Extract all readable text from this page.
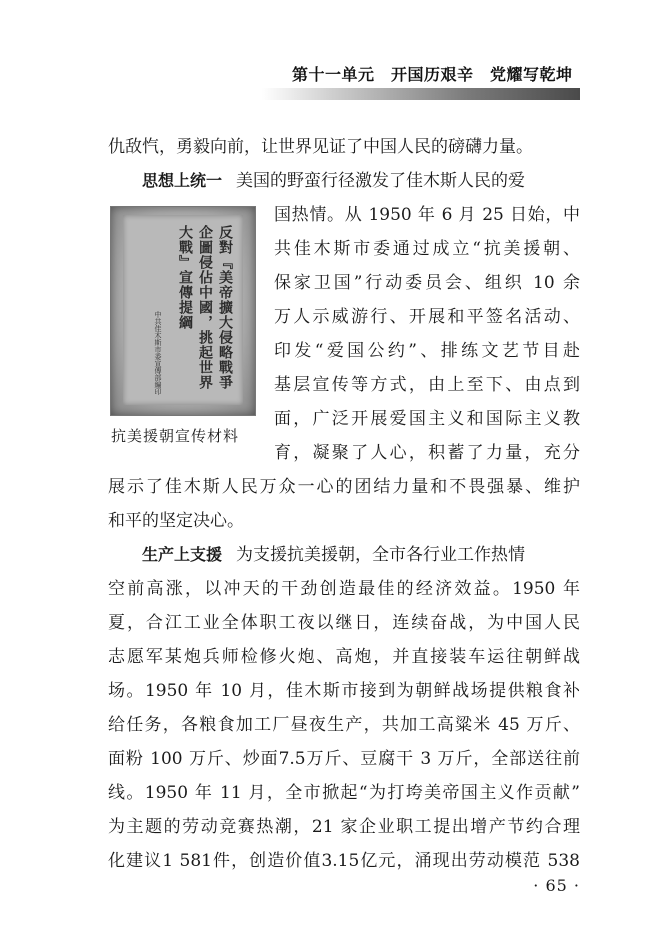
第十一单元　开国历艰辛　党耀写乾坤
仇敌忾，勇毅向前，让世界见证了中国人民的磅礴力量。
思想上统一 美国的野蛮行径激发了佳木斯人民的爱
国热情。从 1950 年 6 月 25 日始，中
共佳木斯市委通过成立“抗美援朝、
保家卫国”行动委员会、组织 10 余
万人示威游行、开展和平签名活动、
印发“爱国公约”、排练文艺节目赴
基层宣传等方式，由上至下、由点到
面，广泛开展爱国主义和国际主义教
育，凝聚了人心，积蓄了力量，充分
展示了佳木斯人民万众一心的团结力量和不畏强暴、维护
和平的坚定决心。
反對『美帝擴大侵略戰爭
企圖侵佔中國，挑起世界
大戰』宣傳提綱
中共佳木斯市委宣傳部編印
抗美援朝宣传材料
生产上支援 为支援抗美援朝，全市各行业工作热情
空前高涨，以冲天的干劲创造最佳的经济效益。1950 年
夏，合江工业全体职工夜以继日，连续奋战，为中国人民
志愿军某炮兵师检修火炮、高炮，并直接装车运往朝鲜战
场。1950 年 10 月，佳木斯市接到为朝鲜战场提供粮食补
给任务，各粮食加工厂昼夜生产，共加工高粱米 45 万斤、
面粉 100 万斤、炒面7.5万斤、豆腐干 3 万斤，全部送往前
线。1950 年 11 月，全市掀起“为打垮美帝国主义作贡献”
为主题的劳动竞赛热潮，21 家企业职工提出增产节约合理
化建议1 581件，创造价值3.15亿元，涌现出劳动模范 538
· 65 ·
